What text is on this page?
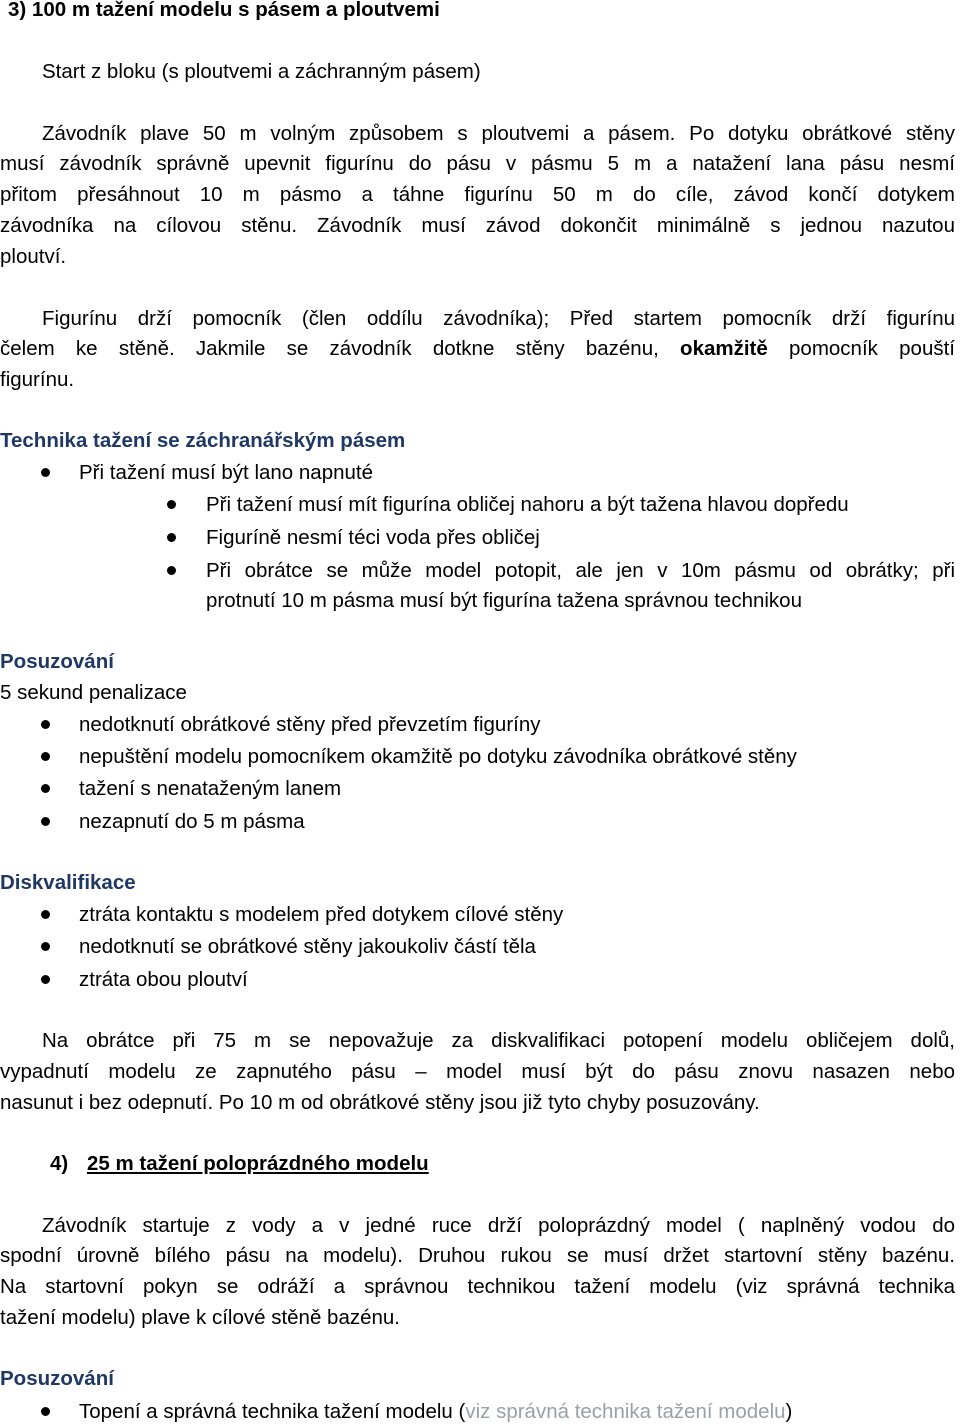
3) 100 m tažení modelu s pásem a ploutvemi
Start z bloku (s ploutvemi a záchranným pásem)
Závodník plave 50 m volným způsobem s ploutvemi a pásem. Po dotyku obrátkové stěny
musí závodník správně upevnit figurínu do pásu v pásmu 5 m a natažení lana pásu nesmí
přitom přesáhnout 10 m pásmo a táhne figurínu 50 m do cíle, závod končí dotykem
závodníka na cílovou stěnu. Závodník musí závod dokončit minimálně s jednou nazutou
ploutví.
Figurínu drží pomocník (člen oddílu závodníka); Před startem pomocník drží figurínu
čelem ke stěně. Jakmile se závodník dotkne stěny bazénu, okamžitě pomocník pouští
figurínu.
Technika tažení se záchranářským pásem
Při tažení musí být lano napnuté
Při tažení musí mít figurína obličej nahoru a být tažena hlavou dopředu
Figuríně nesmí téci voda přes obličej
Při obrátce se může model potopit, ale jen v 10m pásmu od obrátky; při
protnutí 10 m pásma musí být figurína tažena správnou technikou
Posuzování
5 sekund penalizace
nedotknutí obrátkové stěny před převzetím figuríny
nepuštění modelu pomocníkem okamžitě po dotyku závodníka obrátkové stěny
tažení s nenataženým lanem
nezapnutí do 5 m pásma
Diskvalifikace
ztráta kontaktu s modelem před dotykem cílové stěny
nedotknutí se obrátkové stěny jakoukoliv částí těla
ztráta obou ploutví
Na obrátce při 75 m se nepovažuje za diskvalifikaci potopení modelu obličejem dolů,
vypadnutí modelu ze zapnutého pásu – model musí být do pásu znovu nasazen nebo
nasunut i bez odepnutí. Po 10 m od obrátkové stěny jsou již tyto chyby posuzovány.
4) 25 m tažení poloprázdného modelu
Závodník startuje z vody a v jedné ruce drží poloprázdný model ( naplněný vodou do
spodní úrovně bílého pásu na modelu). Druhou rukou se musí držet startovní stěny bazénu.
Na startovní pokyn se odráží a správnou technikou tažení modelu (viz správná technika
tažení modelu) plave k cílové stěně bazénu.
Posuzování
Topení a správná technika tažení modelu (viz správná technika tažení modelu)
